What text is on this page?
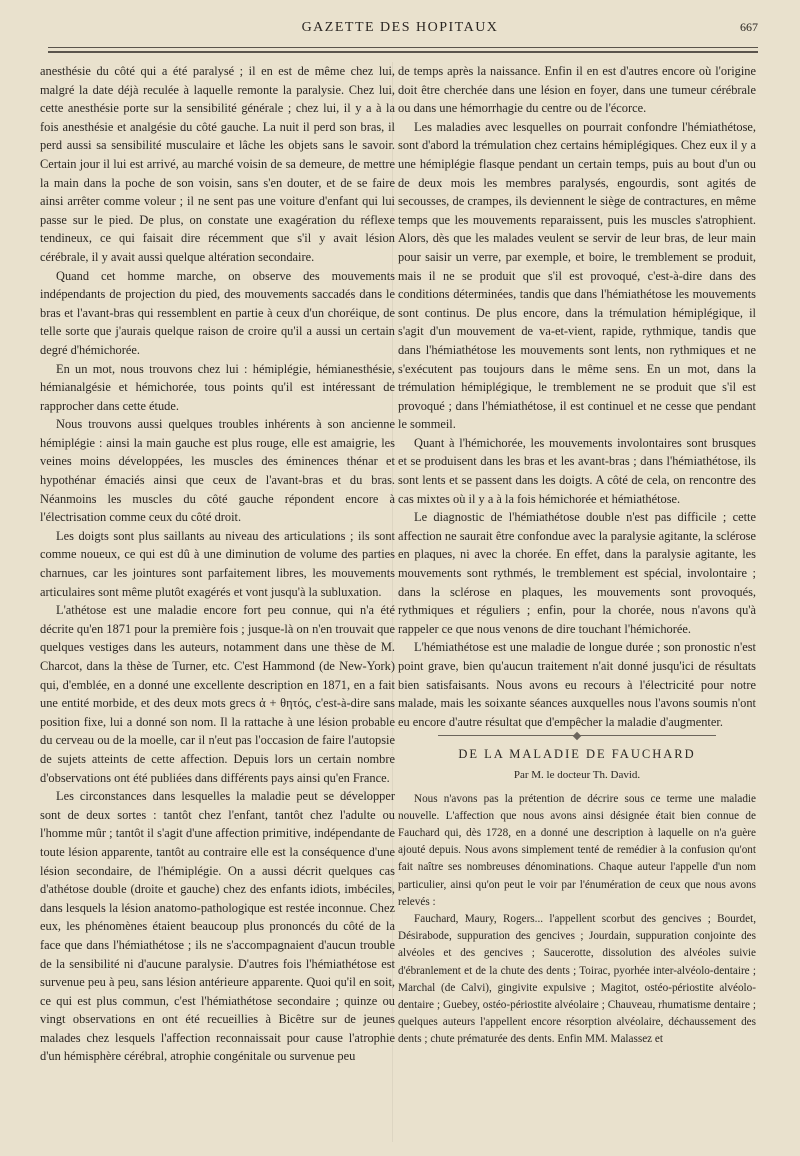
GAZETTE DES HOPITAUX	667

anesthésie du côté qui a été paralysé ; il en est de même chez lui, malgré la date déjà reculée à laquelle remonte la paralysie. Chez lui, cette anesthésie porte sur la sensibilité générale ; chez lui, il y a à la fois anesthésie et analgésie du côté gauche. La nuit il perd son bras, il perd aussi sa sensibilité musculaire et lâche les objets sans le savoir. Certain jour il lui est arrivé, au marché voisin de sa demeure, de mettre la main dans la poche de son voisin, sans s'en douter, et de se faire ainsi arrêter comme voleur ; il ne sent pas une voiture d'enfant qui lui passe sur le pied. De plus, on constate une exagération du réflexe tendineux, ce qui faisait dire récemment que s'il y avait lésion cérébrale, il y avait aussi quelque altération secondaire.

Quand cet homme marche, on observe des mouvements indépendants de projection du pied, des mouvements saccadés dans le bras et l'avant-bras qui ressemblent en partie à ceux d'un choréique, de telle sorte que j'aurais quelque raison de croire qu'il a aussi un certain degré d'hémichorée.

En un mot, nous trouvons chez lui : hémiplégie, hémianesthésie, hémianalgésie et hémichorée, tous points qu'il est intéressant de rapprocher dans cette étude.

Nous trouvons aussi quelques troubles inhérents à son ancienne hémiplégie : ainsi la main gauche est plus rouge, elle est amaigrie, les veines moins développées, les muscles des éminences thénar et hypothénar émaciés ainsi que ceux de l'avant-bras et du bras. Néanmoins les muscles du côté gauche répondent encore à l'électrisation comme ceux du côté droit.

Les doigts sont plus saillants au niveau des articulations ; ils sont comme noueux, ce qui est dû à une diminution de volume des parties charnues, car les jointures sont parfaitement libres, les mouvements articulaires sont même plutôt exagérés et vont jusqu'à la subluxation.

L'athétose est une maladie encore fort peu connue, qui n'a été décrite qu'en 1871 pour la première fois ; jusque-là on n'en trouvait que quelques vestiges dans les auteurs, notamment dans une thèse de M. Charcot, dans la thèse de Turner, etc. C'est Hammond (de New-York) qui, d'emblée, en a donné une excellente description en 1871, en a fait une entité morbide, et des deux mots grecs ἀ + θητός, c'est-à-dire sans position fixe, lui a donné son nom. Il la rattache à une lésion probable du cerveau ou de la moelle, car il n'eut pas l'occasion de faire l'autopsie de sujets atteints de cette affection. Depuis lors un certain nombre d'observations ont été publiées dans différents pays ainsi qu'en France.

Les circonstances dans lesquelles la maladie peut se développer sont de deux sortes : tantôt chez l'enfant, tantôt chez l'adulte ou l'homme mûr ; tantôt il s'agit d'une affection primitive, indépendante de toute lésion apparente, tantôt au contraire elle est la conséquence d'une lésion secondaire, de l'hémiplégie. On a aussi décrit quelques cas d'athétose double (droite et gauche) chez des enfants idiots, imbéciles, dans lesquels la lésion anatomo-pathologique est restée inconnue. Chez eux, les phénomènes étaient beaucoup plus prononcés du côté de la face que dans l'hémiathétose ; ils ne s'accompagnaient d'aucun trouble de la sensibilité ni d'aucune paralysie. D'autres fois l'hémiathétose est survenue peu à peu, sans lésion antérieure apparente. Quoi qu'il en soit, ce qui est plus commun, c'est l'hémiathétose secondaire ; quinze ou vingt observations en ont été recueillies à Bicêtre sur de jeunes malades chez lesquels l'affection reconnaissait pour cause l'atrophie d'un hémisphère cérébral, atrophie congénitale ou survenue peu

de temps après la naissance. Enfin il en est d'autres encore où l'origine doit être cherchée dans une lésion en foyer, dans une tumeur cérébrale ou dans une hémorrhagie du centre ou de l'écorce.

Les maladies avec lesquelles on pourrait confondre l'hémiathétose, sont d'abord la trémulation chez certains hémiplégiques. Chez eux il y a une hémiplégie flasque pendant un certain temps, puis au bout d'un ou de deux mois les membres paralysés, engourdis, sont agités de secousses, de crampes, ils deviennent le siège de contractures, en même temps que les mouvements reparaissent, puis les muscles s'atrophient. Alors, dès que les malades veulent se servir de leur bras, de leur main pour saisir un verre, par exemple, et boire, le tremblement se produit, mais il ne se produit que s'il est provoqué, c'est-à-dire dans des conditions déterminées, tandis que dans l'hémiathétose les mouvements sont continus. De plus encore, dans la trémulation hémiplégique, il s'agit d'un mouvement de va-et-vient, rapide, rythmique, tandis que dans l'hémiathétose les mouvements sont lents, non rythmiques et ne s'exécutent pas toujours dans le même sens. En un mot, dans la trémulation hémiplégique, le tremblement ne se produit que s'il est provoqué ; dans l'hémiathétose, il est continuel et ne cesse que pendant le sommeil.

Quant à l'hémichorée, les mouvements involontaires sont brusques et se produisent dans les bras et les avant-bras ; dans l'hémiathétose, ils sont lents et se passent dans les doigts. A côté de cela, on rencontre des cas mixtes où il y a à la fois hémichorée et hémiathétose.

Le diagnostic de l'hémiathétose double n'est pas difficile ; cette affection ne saurait être confondue avec la paralysie agitante, la sclérose en plaques, ni avec la chorée. En effet, dans la paralysie agitante, les mouvements sont rythmés, le tremblement est spécial, involontaire ; dans la sclérose en plaques, les mouvements sont provoqués, rythmiques et réguliers ; enfin, pour la chorée, nous n'avons qu'à rappeler ce que nous venons de dire touchant l'hémichorée.

L'hémiathétose est une maladie de longue durée ; son pronostic n'est point grave, bien qu'aucun traitement n'ait donné jusqu'ici de résultats bien satisfaisants. Nous avons eu recours à l'électricité pour notre malade, mais les soixante séances auxquelles nous l'avons soumis n'ont eu encore d'autre résultat que d'empêcher la maladie d'augmenter.

DE LA MALADIE DE FAUCHARD
Par M. le docteur Th. David.

Nous n'avons pas la prétention de décrire sous ce terme une maladie nouvelle. L'affection que nous avons ainsi désignée était bien connue de Fauchard qui, dès 1728, en a donné une description à laquelle on n'a guère ajouté depuis. Nous avons simplement tenté de remédier à la confusion qu'ont fait naître ses nombreuses dénominations. Chaque auteur l'appelle d'un nom particulier, ainsi qu'on peut le voir par l'énumération de ceux que nous avons relevés :

Fauchard, Maury, Rogers... l'appellent scorbut des gencives ; Bourdet, Désirabode, suppuration des gencives ; Jourdain, suppuration conjointe des alvéoles et des gencives ; Saucerotte, dissolution des alvéoles suivie d'ébranlement et de la chute des dents ; Toirac, pyorhée inter-alvéolo-dentaire ; Marchal (de Calvi), gingivite expulsive ; Magitot, ostéo-périostite alvéolo-dentaire ; Guebey, ostéo-périostite alvéolaire ; Chauveau, rhumatisme dentaire ; quelques auteurs l'appellent encore résorption alvéolaire, déchaussement des dents ; chute prématurée des dents. Enfin MM. Malassez et
